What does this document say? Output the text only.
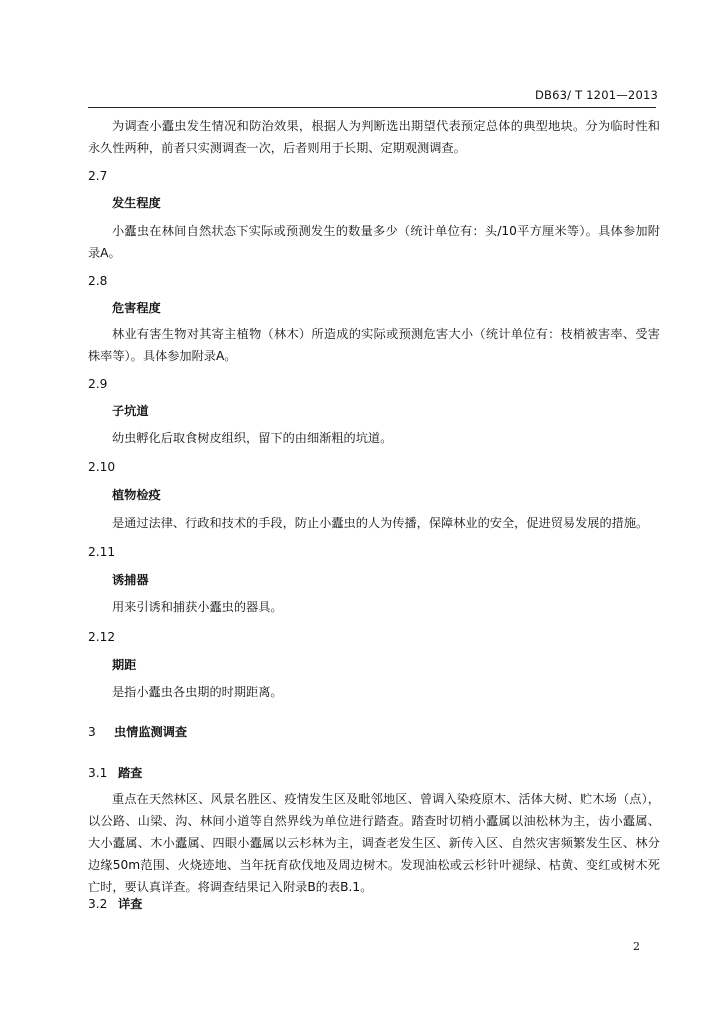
DB63/ T 1201—2013
为调查小蠹虫发生情况和防治效果，根据人为判断选出期望代表预定总体的典型地块。分为临时性和永久性两种，前者只实测调查一次，后者则用于长期、定期观测调查。
2.7
发生程度
小蠹虫在林间自然状态下实际或预测发生的数量多少（统计单位有：头/10平方厘米等）。具体参加附录A。
2.8
危害程度
林业有害生物对其寄主植物（林木）所造成的实际或预测危害大小（统计单位有：枝梢被害率、受害株率等）。具体参加附录A。
2.9
子坑道
幼虫孵化后取食树皮组织，留下的由细渐粗的坑道。
2.10
植物检疫
是通过法律、行政和技术的手段，防止小蠹虫的人为传播，保障林业的安全，促进贸易发展的措施。
2.11
诱捕器
用来引诱和捕获小蠹虫的器具。
2.12
期距
是指小蠹虫各虫期的时期距离。
3 虫情监测调查
3.1 踏查
重点在天然林区、风景名胜区、疫情发生区及毗邻地区、曾调入染疫原木、活体大树、贮木场（点），以公路、山梁、沟、林间小道等自然界线为单位进行踏查。踏查时切梢小蠹属以油松林为主，齿小蠹属、大小蠹属、木小蠹属、四眼小蠹属以云杉林为主，调查老发生区、新传入区、自然灾害频繁发生区、林分边缘50m范围、火烧迹地、当年抚育砍伐地及周边树木。发现油松或云杉针叶褪绿、枯黄、变红或树木死亡时，要认真详查。将调查结果记入附录B的表B.1。
3.2 详查
2
